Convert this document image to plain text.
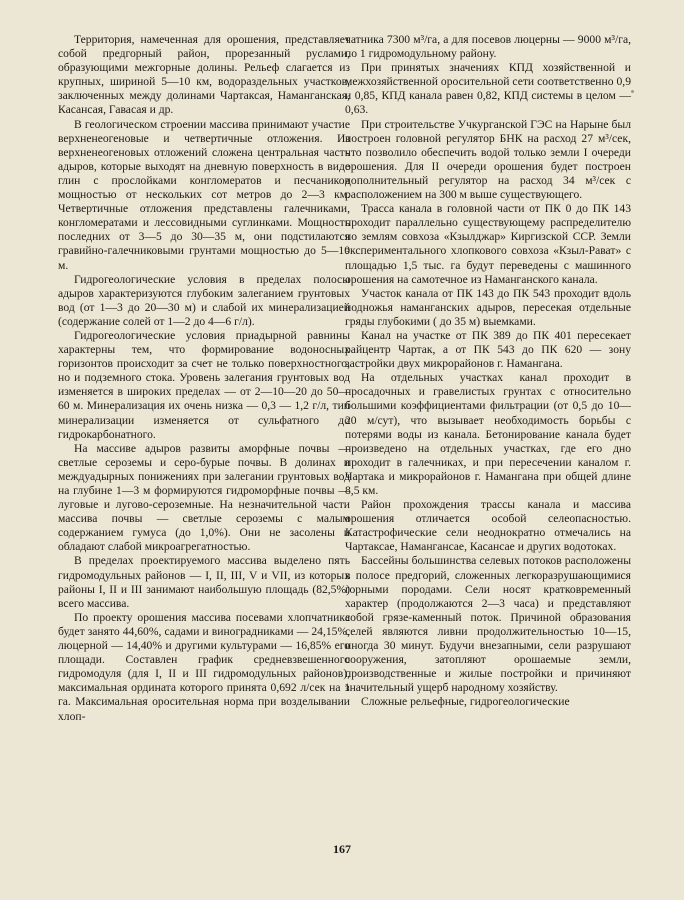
Территория, намеченная для орошения, представляет собой предгорный район, прорезанный руслами, образующими межгорные долины. Рельеф слагается из крупных, шириной 5—10 км, водораздельных участков, заключенных между долинами Чартаксая, Наманганская, Касансая, Гавасая и др.

В геологическом строении массива принимают участие верхненеогеновые и четвертичные отложения. Из верхненеогеновых отложений сложена центральная часть адыров, которые выходят на дневную поверхность в виде глин с прослойками конгломератов и песчаников мощностью от нескольких сот метров до 2—3 км. Четвертичные отложения представлены галечниками, конгломератами и лессовидными суглинками. Мощность последних от 3—5 до 30—35 м, они подстилаются гравийно-галечниковыми грунтами мощностью до 5—10 м.

Гидрогеологические условия в пределах полосы адыров характеризуются глубоким залеганием грунтовых вод (от 1—3 до 20—30 м) и слабой их минерализацией (содержание солей от 1—2 до 4—6 г/л).

Гидрогеологические условия приадырной равнины характерны тем, что формирование водоносных горизонтов происходит за счет не только поверхностного, но и подземного стока. Уровень залегания грунтовых вод изменяется в широких пределах — от 2—10—20 до 50—60 м. Минерализация их очень низка — 0,3 — 1,2 г/л, тип минерализации изменяется от сульфатного до гидрокарбонатного.

На массиве адыров развиты аморфные почвы — светлые сероземы и серо-бурые почвы. В долинах и междуадырных понижениях при залегании грунтовых вод на глубине 1—3 м формируются гидроморфные почвы — луговые и лугово-сероземные. На незначительной части массива почвы — светлые сероземы с малым содержанием гумуса (до 1,0%). Они не засолены и обладают слабой микроагрегатностью.

В пределах проектируемого массива выделено пять гидромодульных районов — I, II, III, V и VII, из которых районы I, II и III занимают наибольшую площадь (82,5%) всего массива.

По проекту орошения массива посевами хлопчатника будет занято 44,60%, садами и виноградниками — 24,15%, люцерной — 14,40% и другими культурами — 16,85% его площади. Составлен график средневзвешенного гидромодуля (для I, II и III гидромодульных районов), максимальная ордината которого принята 0,692 л/сек на 1 га. Максимальная оросительная норма при возделывании хлоп-

чатника 7300 м³/га, а для посевов люцерны — 9000 м³/га, по 1 гидромодульному району.

При принятых значениях КПД хозяйственной и межхозяйственной оросительной сети соответственно 0,9 и 0,85, КПД канала равен 0,82, КПД системы в целом — 0,63.

При строительстве Учкурганской ГЭС на Нарыне был построен головной регулятор БНК на расход 27 м³/сек, что позволило обеспечить водой только земли I очереди орошения. Для II очереди орошения будет построен дополнительный регулятор на расход 34 м³/сек с расположением на 300 м выше существующего.

Трасса канала в головной части от ПК 0 до ПК 143 проходит параллельно существующему распределителю по землям совхоза «Кзылджар» Киргизской ССР. Земли экспериментального хлопкового совхоза «Кзыл-Рават» с площадью 1,5 тыс. га будут переведены с машинного орошения на самотечное из Наманганского канала.

Участок канала от ПК 143 до ПК 543 проходит вдоль подножья наманганских адыров, пересекая отдельные гряды глубокими ( до 35 м) выемками.

Канал на участке от ПК 389 до ПК 401 пересекает райцентр Чартак, а от ПК 543 до ПК 620 — зону застройки двух микрорайонов г. Намангана.

На отдельных участках канал проходит в просадочных и гравелистых грунтах с относительно большими коэффициентами фильтрации (от 0,5 до 10—20 м/сут), что вызывает необходимость борьбы с потерями воды из канала. Бетонирование канала будет произведено на отдельных участках, где его дно проходит в галечниках, и при пересечении каналом г. Чартака и микрорайонов г. Намангана при общей длине 8,5 км.

Район прохождения трассы канала и массива орошения отличается особой селеопасностью. Катастрофические сели неоднократно отмечались на Чартаксае, Наманганcае, Касансае и других водотоках.

Бассейны большинства селевых потоков расположены в полосе предгорий, сложенных легкоразрушающимися горными породами. Сели носят кратковременный характер (продолжаются 2—3 часа) и представляют собой грязе-каменный поток. Причиной образования селей являются ливни продолжительностью 10—15, иногда 30 минут. Будучи внезапными, сели разрушают сооружения, затопляют орошаемые земли, производственные и жилые постройки и причиняют значительный ущерб народному хозяйству.

Сложные рельефные, гидрогеологические

167
